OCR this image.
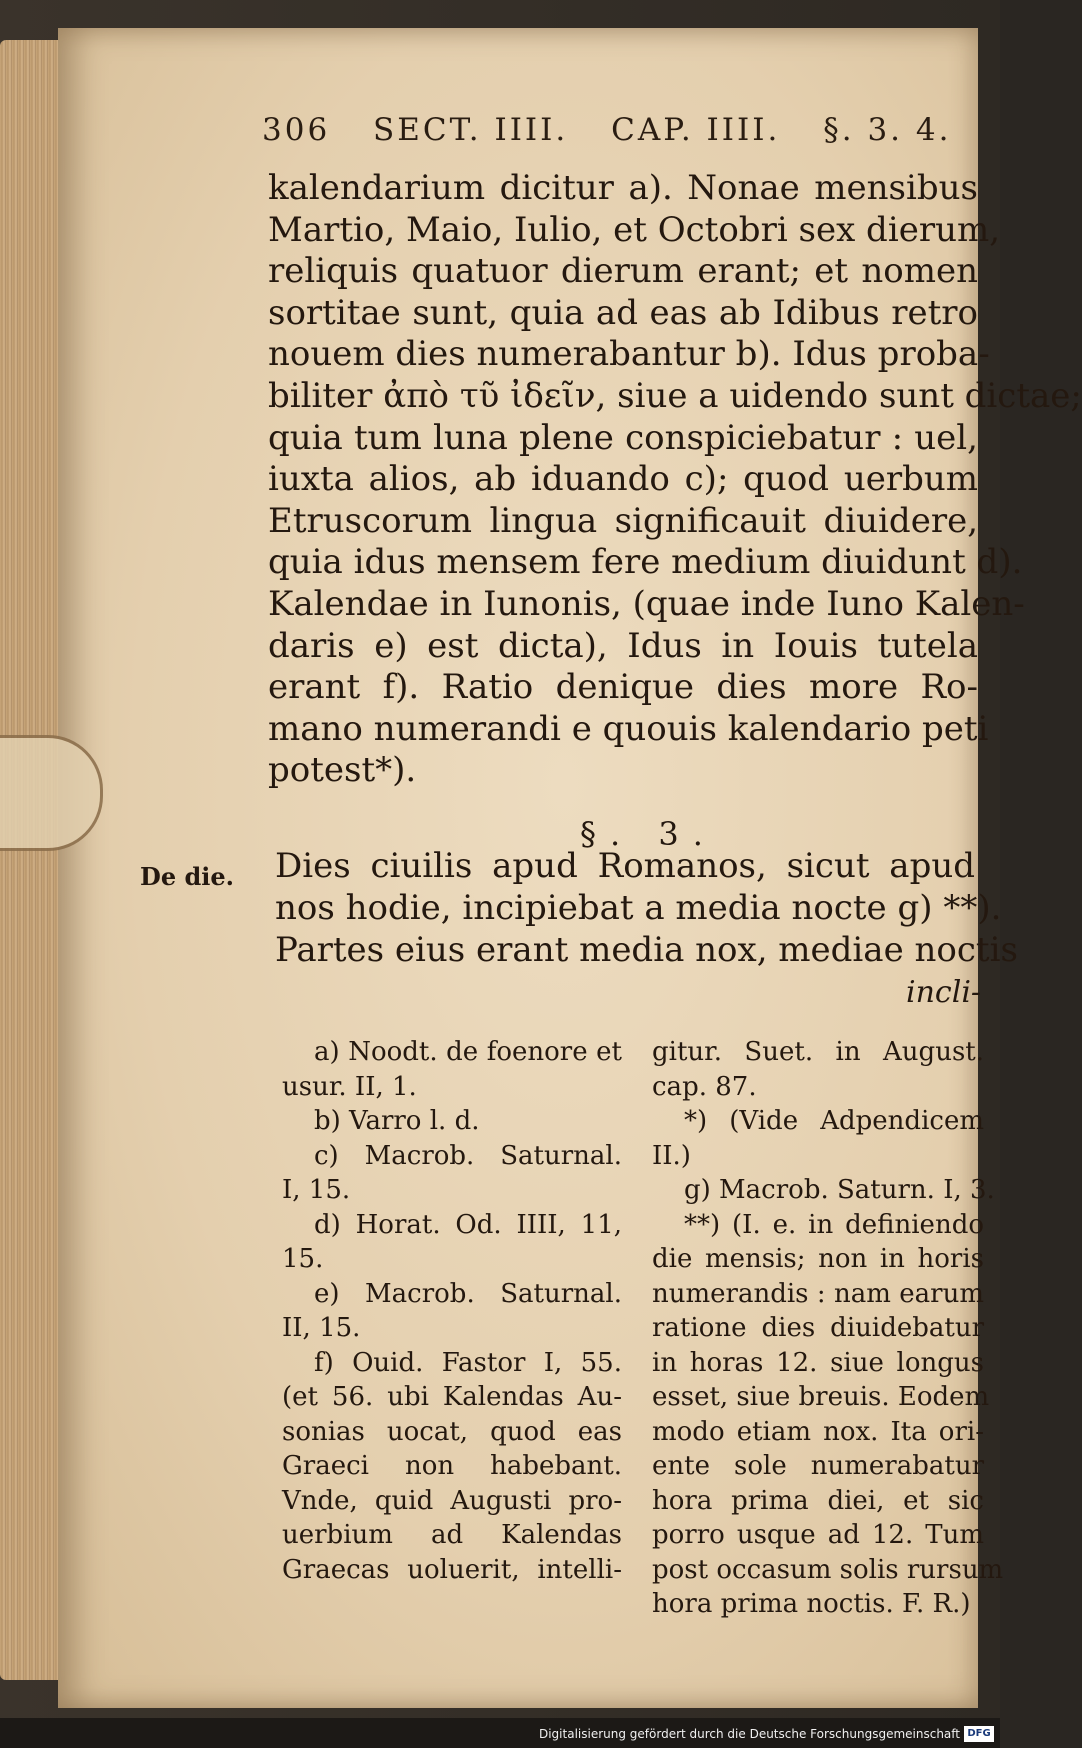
306 SECT. IIII. CAP. IIII. §. 3. 4.
kalendarium dicitur a). Nonae mensibus
Martio, Maio, Iulio, et Octobri sex dierum,
reliquis quatuor dierum erant; et nomen
sortitae sunt, quia ad eas ab Idibus retro
nouem dies numerabantur b). Idus proba-
biliter ἀπὸ τῦ ἰδεῖν, siue a uidendo sunt dictae;
quia tum luna plene conspiciebatur : uel,
iuxta alios, ab iduando c); quod uerbum
Etruscorum lingua significauit diuidere,
quia idus mensem fere medium diuidunt d).
Kalendae in Iunonis, (quae inde Iuno Kalen-
daris e) est dicta), Idus in Iouis tutela
erant f). Ratio denique dies more Ro-
mano numerandi e quouis kalendario peti
potest*).
§. 3.
De die. Dies ciuilis apud Romanos, sicut apud
nos hodie, incipiebat a media nocte g) **).
Partes eius erant media nox, mediae noctis
incli-
a) Noodt. de foenore et
usur. II, 1.
b) Varro l. d.
c) Macrob. Saturnal.
I, 15.
d) Horat. Od. IIII, 11,
15.
e) Macrob. Saturnal.
II, 15.
f) Ouid. Fastor I, 55.
(et 56. ubi Kalendas Au-
sonias uocat, quod eas
Graeci non habebant.
Vnde, quid Augusti pro-
uerbium ad Kalendas
Graecas uoluerit, intelli-
gitur. Suet. in August.
cap. 87.
*) (Vide Adpendicem
II.)
g) Macrob. Saturn. I, 3.
**) (I. e. in definiendo
die mensis; non in horis
numerandis : nam earum
ratione dies diuidebatur
in horas 12. siue longus
esset, siue breuis. Eodem
modo etiam nox. Ita ori-
ente sole numerabatur
hora prima diei, et sic
porro usque ad 12. Tum
post occasum solis rursum
hora prima noctis. F. R.)
Digitalisierung gefördert durch die Deutsche Forschungsgemeinschaft DFG
